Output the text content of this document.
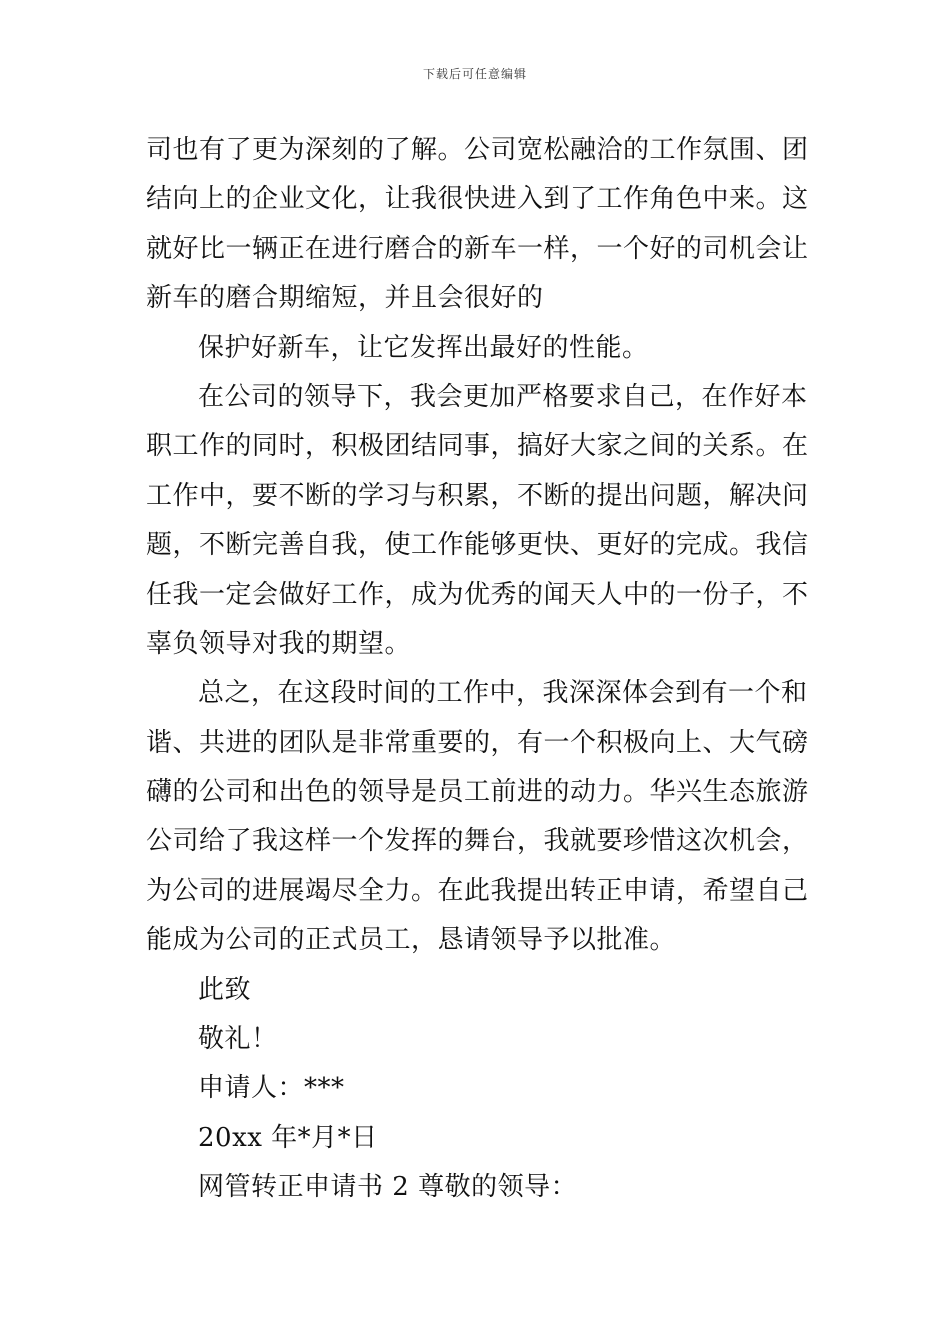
下载后可任意编辑
司也有了更为深刻的了解。公司宽松融洽的工作氛围、团
结向上的企业文化，让我很快进入到了工作角色中来。这
就好比一辆正在进行磨合的新车一样，一个好的司机会让
新车的磨合期缩短，并且会很好的
保护好新车，让它发挥出最好的性能。
在公司的领导下，我会更加严格要求自己，在作好本
职工作的同时，积极团结同事，搞好大家之间的关系。在
工作中，要不断的学习与积累，不断的提出问题，解决问
题，不断完善自我，使工作能够更快、更好的完成。我信
任我一定会做好工作，成为优秀的闻天人中的一份子，不
辜负领导对我的期望。
总之，在这段时间的工作中，我深深体会到有一个和
谐、共进的团队是非常重要的，有一个积极向上、大气磅
礴的公司和出色的领导是员工前进的动力。华兴生态旅游
公司给了我这样一个发挥的舞台，我就要珍惜这次机会，
为公司的进展竭尽全力。在此我提出转正申请，希望自己
能成为公司的正式员工，恳请领导予以批准。
此致
敬礼！
申请人：***
20xx 年*月*日
网管转正申请书 2 尊敬的领导：
